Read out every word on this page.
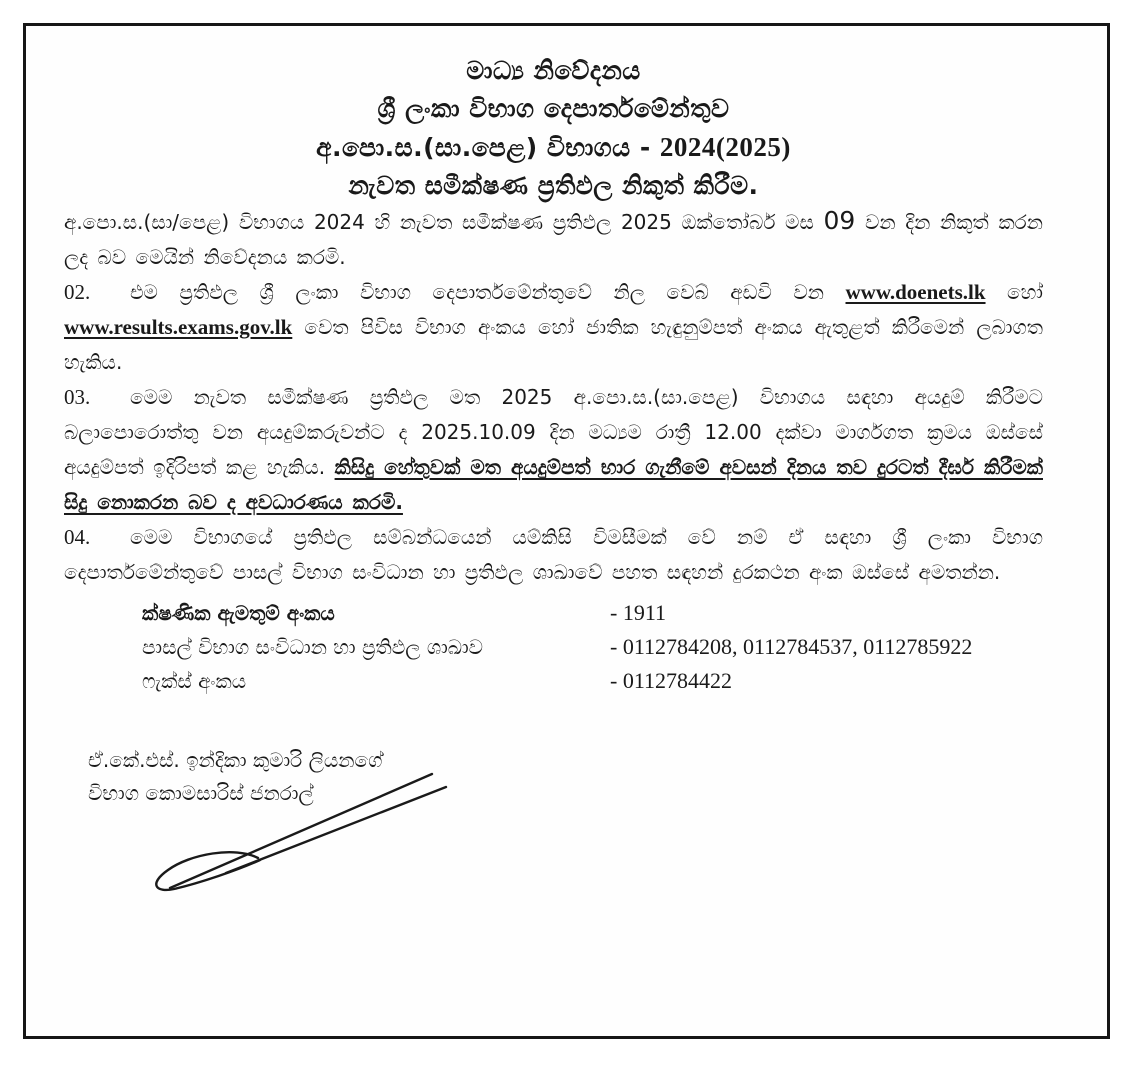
මාධ්‍ය නිවේදනය
ශ්‍රී ලංකා විභාග දෙපාර්තමේන්තුව
අ.පො.ස.(සා.පෙළ) විභාගය - 2024(2025)
නැවත සමීක්ෂණ ප්‍රතිඵල නිකුත් කිරීම.

අ.පො.ස.(සා/පෙළ) විභාගය 2024 හි නැවත සමීක්ෂණ ප්‍රතිඵල 2025 ඔක්තෝබර් මස 09 වන දින නිකුත් කරන ලද බව මෙයින් නිවේදනය කරමි.

02. එම ප්‍රතිඵල ශ්‍රී ලංකා විභාග දෙපාර්තමේන්තුවේ නිල වෙබ් අඩවි වන www.doenets.lk හෝ www.results.exams.gov.lk වෙත පිවිස විභාග අංකය හෝ ජාතික හැඳුනුම්පත් අංකය ඇතුළත් කිරීමෙන් ලබාගත හැකිය.

03. මෙම නැවත සමීක්ෂණ ප්‍රතිඵල මත 2025 අ.පො.ස.(සා.පෙළ) විභාගය සඳහා අයදුම් කිරීමට බලාපොරොත්තු වන අයදුම්කරුවන්ට ද 2025.10.09 දින මධ්‍යම රාත්‍රී 12.00 දක්වා මාර්ගගත ක්‍රමය ඔස්සේ අයදුම්පත් ඉදිරිපත් කළ හැකිය. කිසිදු හේතුවක් මත අයදුම්පත් භාර ගැනීමේ අවසන් දිනය තව දුරටත් දීර්ඝ කිරීමක් සිදු නොකරන බව ද අවධාරණය කරමි.

04. මෙම විභාගයේ ප්‍රතිඵල සම්බන්ධයෙන් යම්කිසි විමසීමක් වේ නම් ඒ සඳහා ශ්‍රී ලංකා විභාග දෙපාර්තමේන්තුවේ පාසල් විභාග සංවිධාන හා ප්‍රතිඵල ශාඛාවේ පහත සඳහන් දුරකථන අංක ඔස්සේ අමතන්න.

ක්ෂණික ඇමතුම් අංකය	- 1911
පාසල් විභාග සංවිධාන හා ප්‍රතිඵල ශාඛාව	- 0112784208, 0112784537, 0112785922
ෆැක්ස් අංකය	- 0112784422
ඒ.කේ.එස්. ඉන්දිකා කුමාරි ලියනගේ
විභාග කොමසාරිස් ජනරාල්
